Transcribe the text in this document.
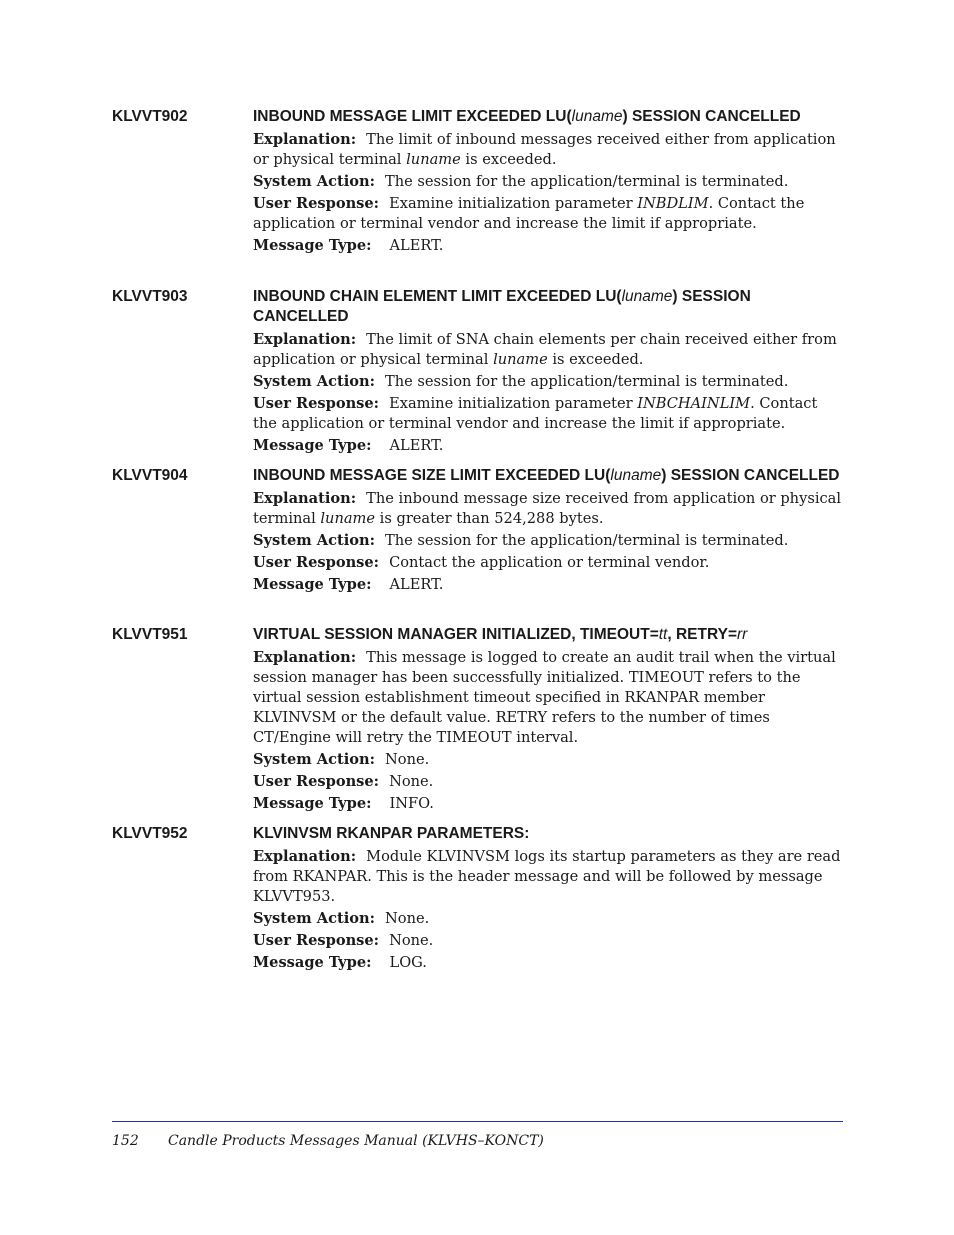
KLVVT902	INBOUND MESSAGE LIMIT EXCEEDED LU(luname) SESSION CANCELLED
Explanation: The limit of inbound messages received either from application or physical terminal luname is exceeded.
System Action: The session for the application/terminal is terminated.
User Response: Examine initialization parameter INBDLIM. Contact the application or terminal vendor and increase the limit if appropriate.
Message Type: ALERT.
KLVVT903	INBOUND CHAIN ELEMENT LIMIT EXCEEDED LU(luname) SESSION CANCELLED
Explanation: The limit of SNA chain elements per chain received either from application or physical terminal luname is exceeded.
System Action: The session for the application/terminal is terminated.
User Response: Examine initialization parameter INBCHAINLIM. Contact the application or terminal vendor and increase the limit if appropriate.
Message Type: ALERT.
KLVVT904	INBOUND MESSAGE SIZE LIMIT EXCEEDED LU(luname) SESSION CANCELLED
Explanation: The inbound message size received from application or physical terminal luname is greater than 524,288 bytes.
System Action: The session for the application/terminal is terminated.
User Response: Contact the application or terminal vendor.
Message Type: ALERT.
KLVVT951	VIRTUAL SESSION MANAGER INITIALIZED, TIMEOUT=tt, RETRY=rr
Explanation: This message is logged to create an audit trail when the virtual session manager has been successfully initialized. TIMEOUT refers to the virtual session establishment timeout specified in RKANPAR member KLVINVSM or the default value. RETRY refers to the number of times CT/Engine will retry the TIMEOUT interval.
System Action: None.
User Response: None.
Message Type: INFO.
KLVVT952	KLVINVSM RKANPAR PARAMETERS:
Explanation: Module KLVINVSM logs its startup parameters as they are read from RKANPAR. This is the header message and will be followed by message KLVVT953.
System Action: None.
User Response: None.
Message Type: LOG.
152 Candle Products Messages Manual (KLVHS–KONCT)
